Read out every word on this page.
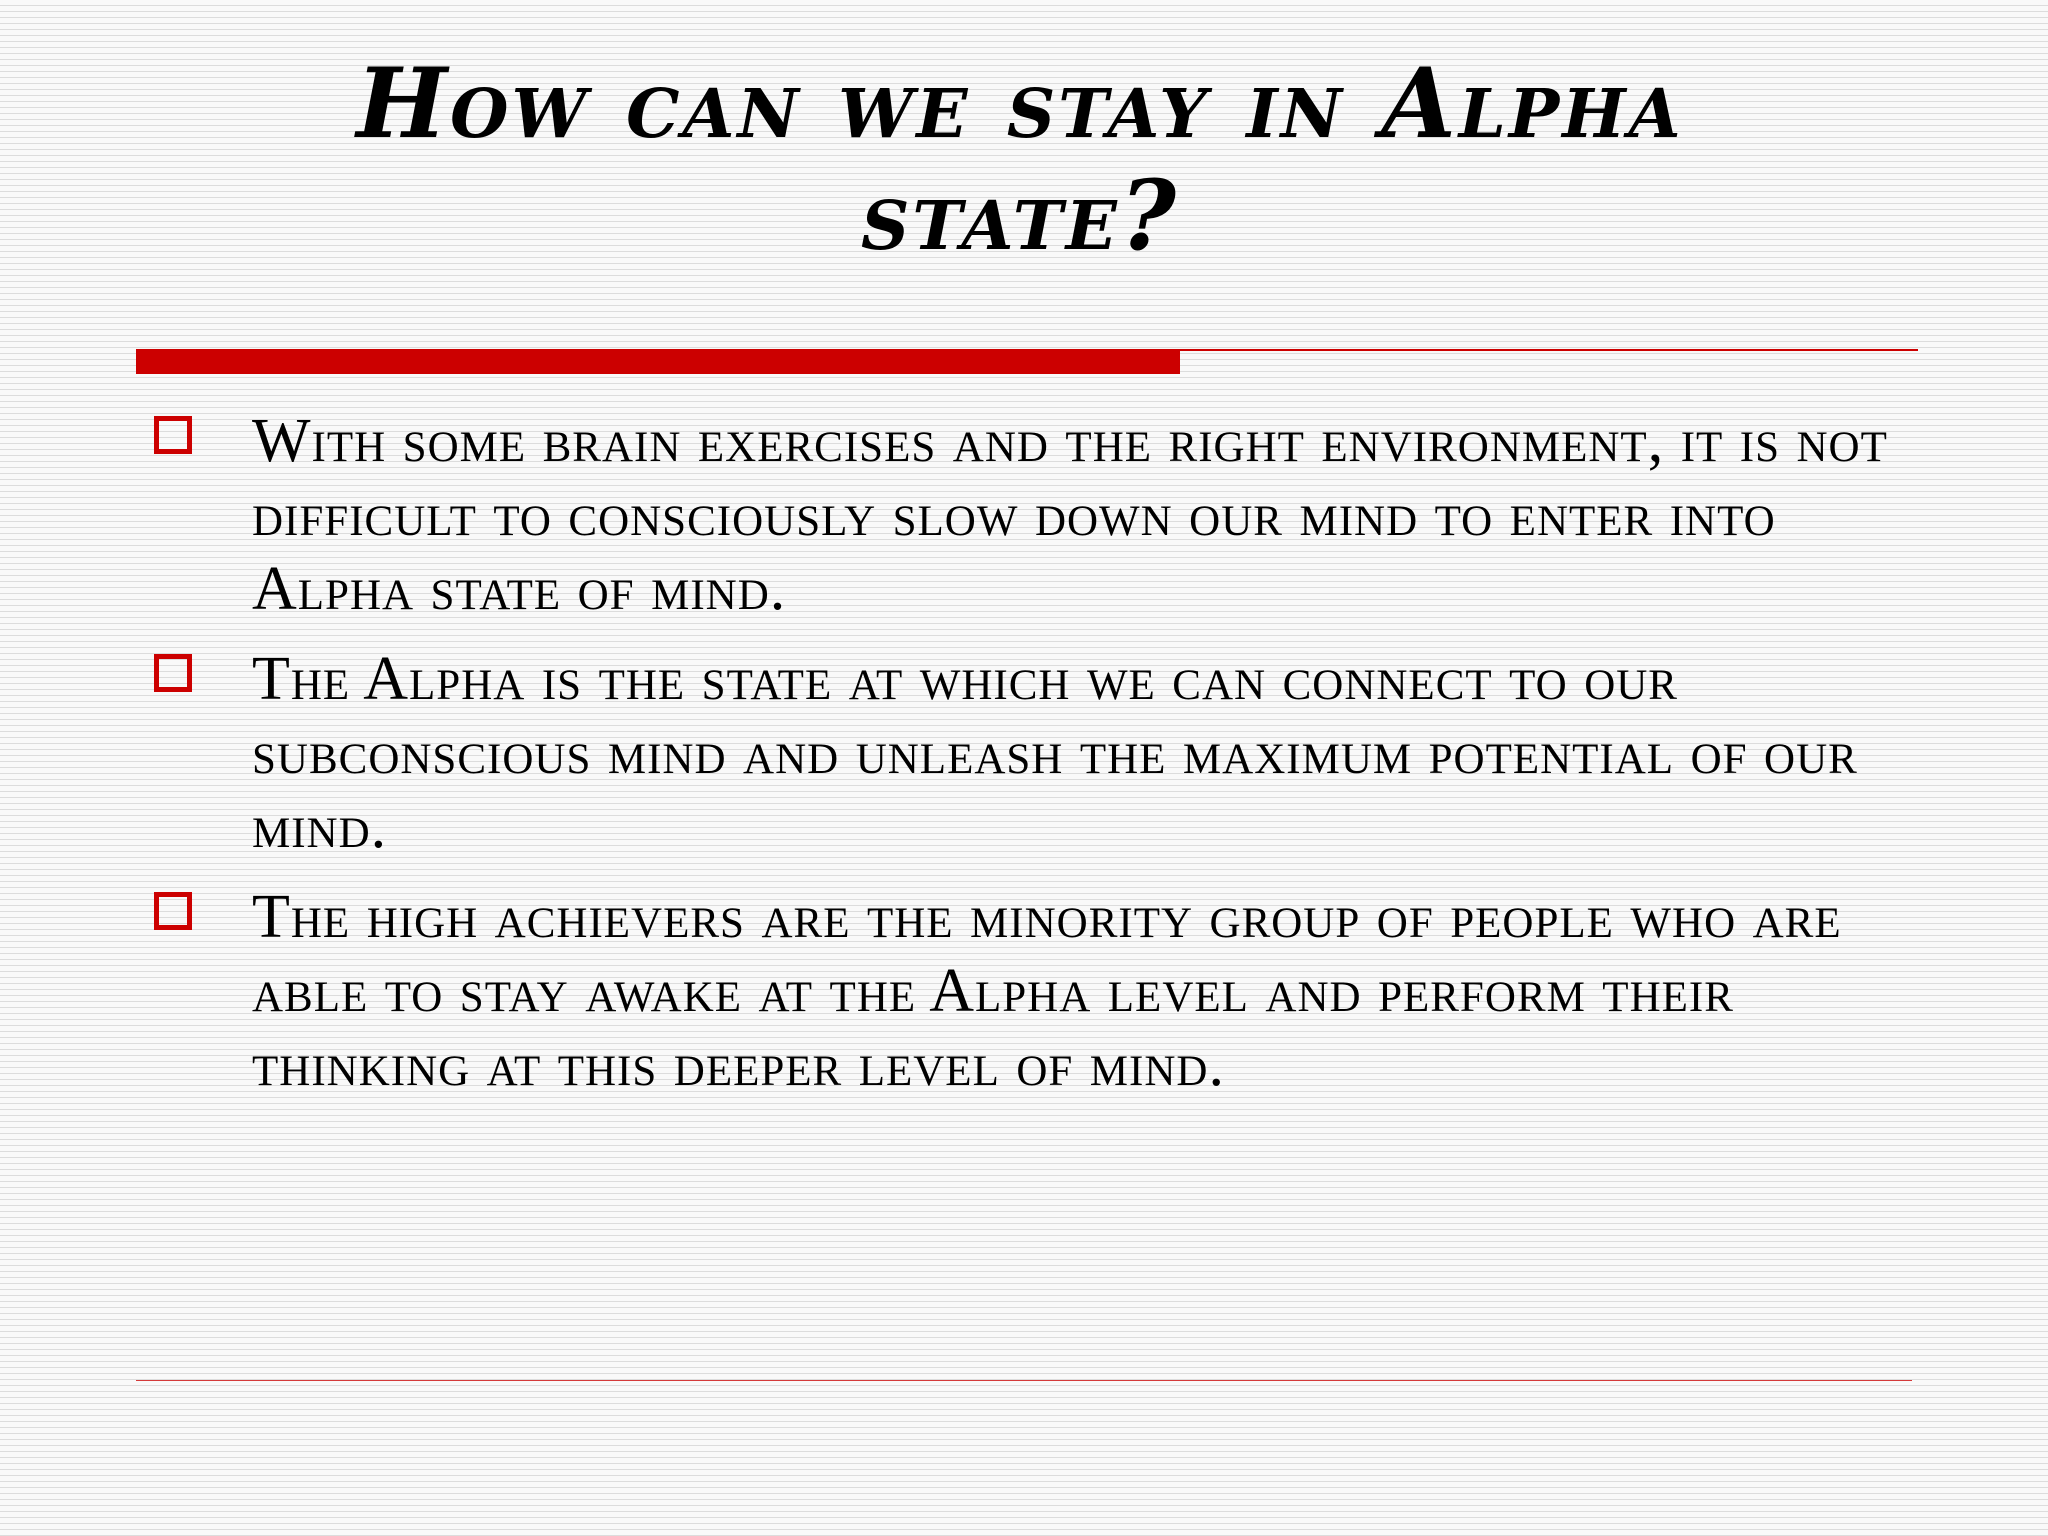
How can we stay in Alpha state?
With some brain exercises and the right environment, it is not difficult to consciously slow down our mind to enter into Alpha state of mind.
The Alpha is the state at which we can connect to our subconscious mind and unleash the maximum potential of our mind.
The high achievers are the minority group of people who are able to stay awake at the Alpha level and perform their thinking at this deeper level of mind.
